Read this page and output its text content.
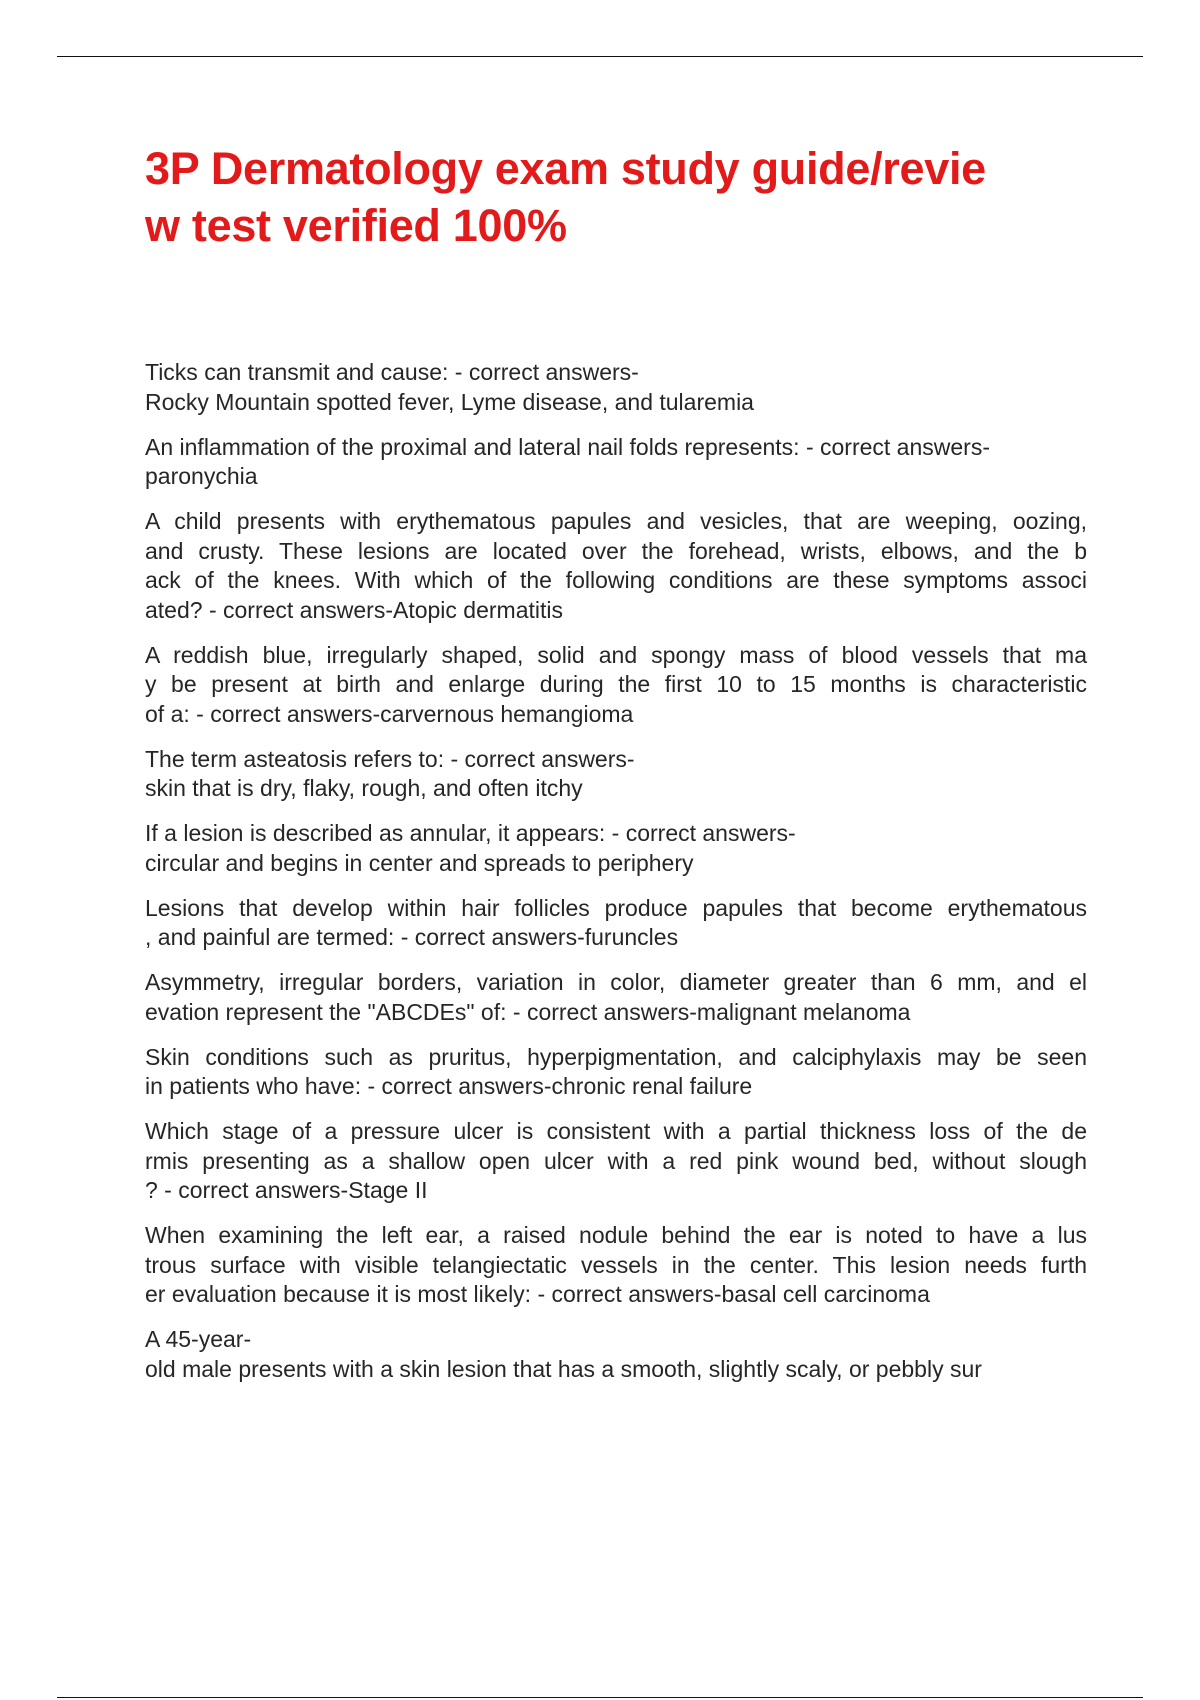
3P Dermatology exam study guide/revie
w test verified 100%

Ticks can transmit and cause: - correct answers-
Rocky Mountain spotted fever, Lyme disease, and tularemia

An inflammation of the proximal and lateral nail folds represents: - correct answers-
paronychia

A child presents with erythematous papules and vesicles, that are weeping, oozing,
and crusty. These lesions are located over the forehead, wrists, elbows, and the b
ack of the knees. With which of the following conditions are these symptoms associ
ated? - correct answers-Atopic dermatitis

A reddish blue, irregularly shaped, solid and spongy mass of blood vessels that ma
y be present at birth and enlarge during the first 10 to 15 months is characteristic
of a: - correct answers-carvernous hemangioma

The term asteatosis refers to: - correct answers-
skin that is dry, flaky, rough, and often itchy

If a lesion is described as annular, it appears: - correct answers-
circular and begins in center and spreads to periphery

Lesions that develop within hair follicles produce papules that become erythematous
, and painful are termed: - correct answers-furuncles

Asymmetry, irregular borders, variation in color, diameter greater than 6 mm, and el
evation represent the "ABCDEs" of: - correct answers-malignant melanoma

Skin conditions such as pruritus, hyperpigmentation, and calciphylaxis may be seen
in patients who have: - correct answers-chronic renal failure

Which stage of a pressure ulcer is consistent with a partial thickness loss of the de
rmis presenting as a shallow open ulcer with a red pink wound bed, without slough
? - correct answers-Stage II

When examining the left ear, a raised nodule behind the ear is noted to have a lus
trous surface with visible telangiectatic vessels in the center. This lesion needs furth
er evaluation because it is most likely: - correct answers-basal cell carcinoma

A 45-year-
old male presents with a skin lesion that has a smooth, slightly scaly, or pebbly sur
